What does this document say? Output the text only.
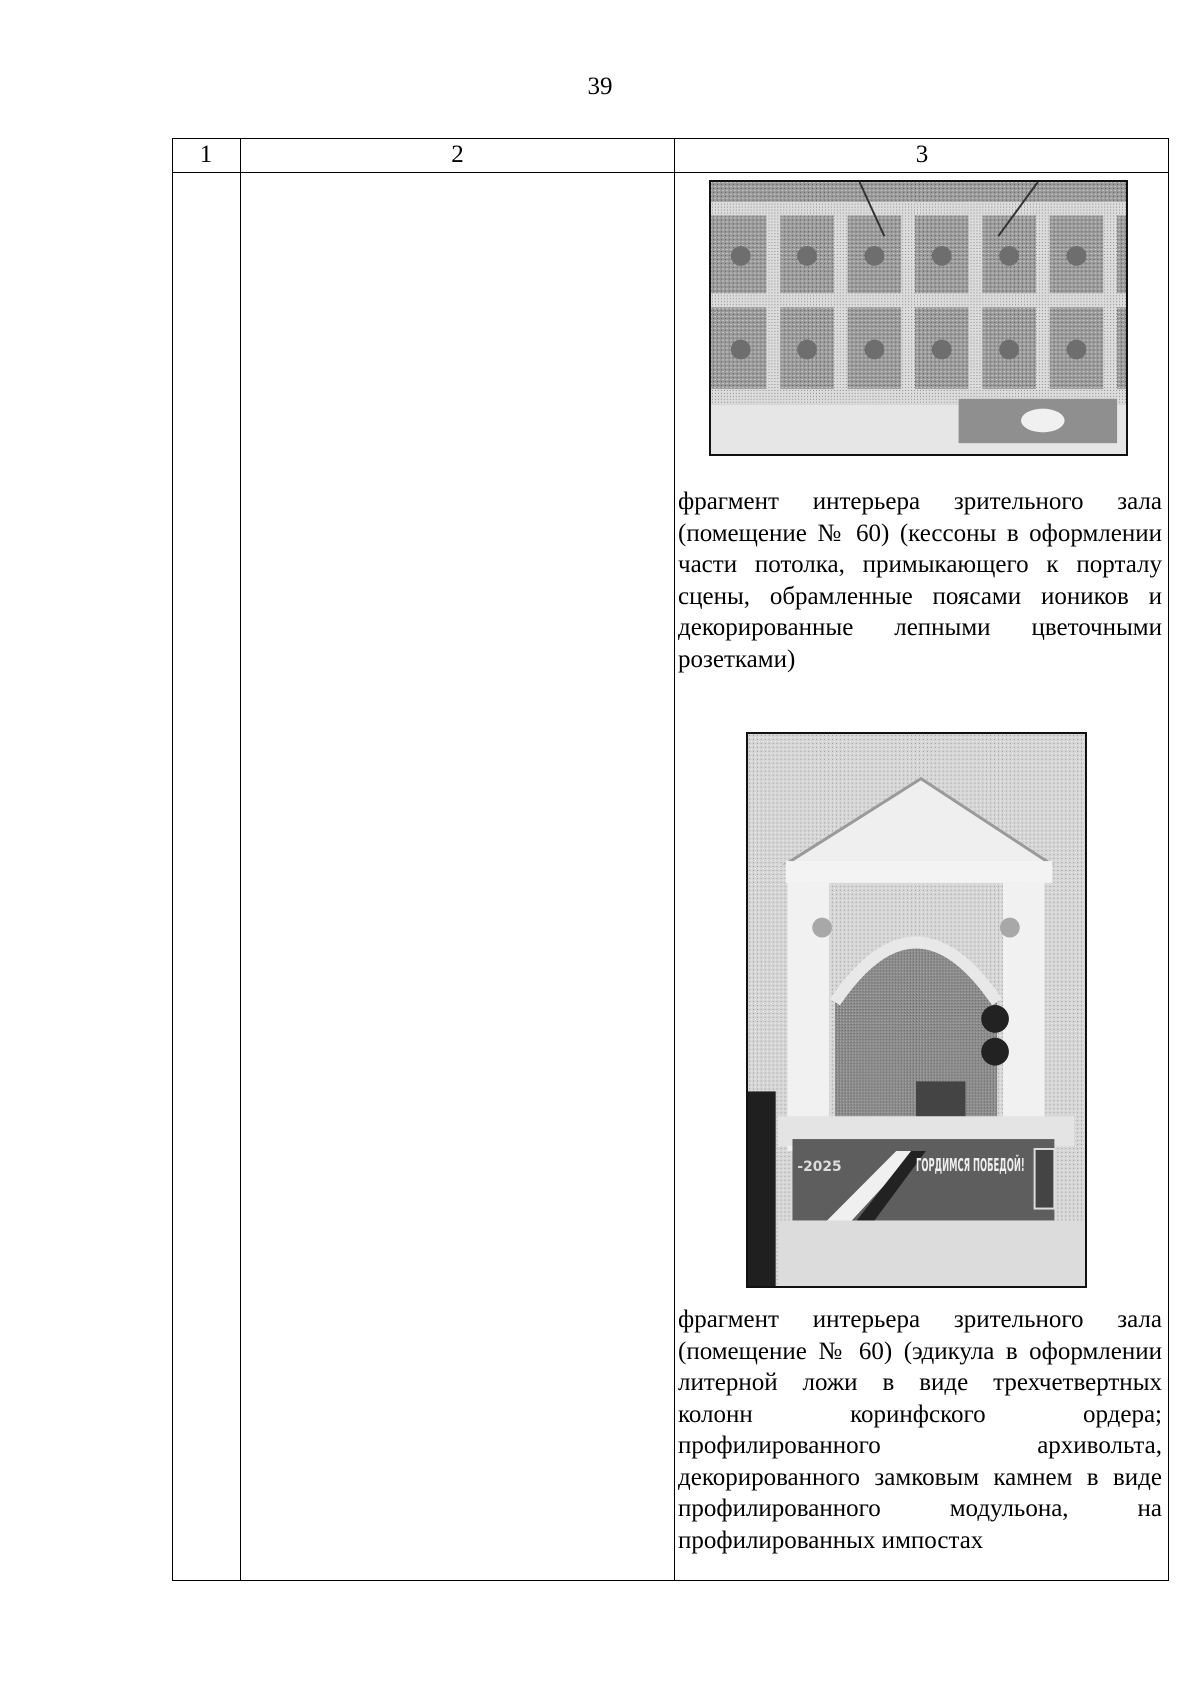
39
1	2	3
фрагмент интерьера зрительного зала (помещение № 60) (кессоны в оформлении части потолка, примыкающего к порталу сцены, обрамленные поясами иоников и декорированные лепными цветочными розетками)
-2025
фрагмент интерьера зрительного зала (помещение № 60) (эдикула в оформлении литерной ложи в виде трехчетвертных колонн коринфского ордера; профилированного архивольта, декорированного замковым камнем в виде профилированного модульона, на профилированных импостах
